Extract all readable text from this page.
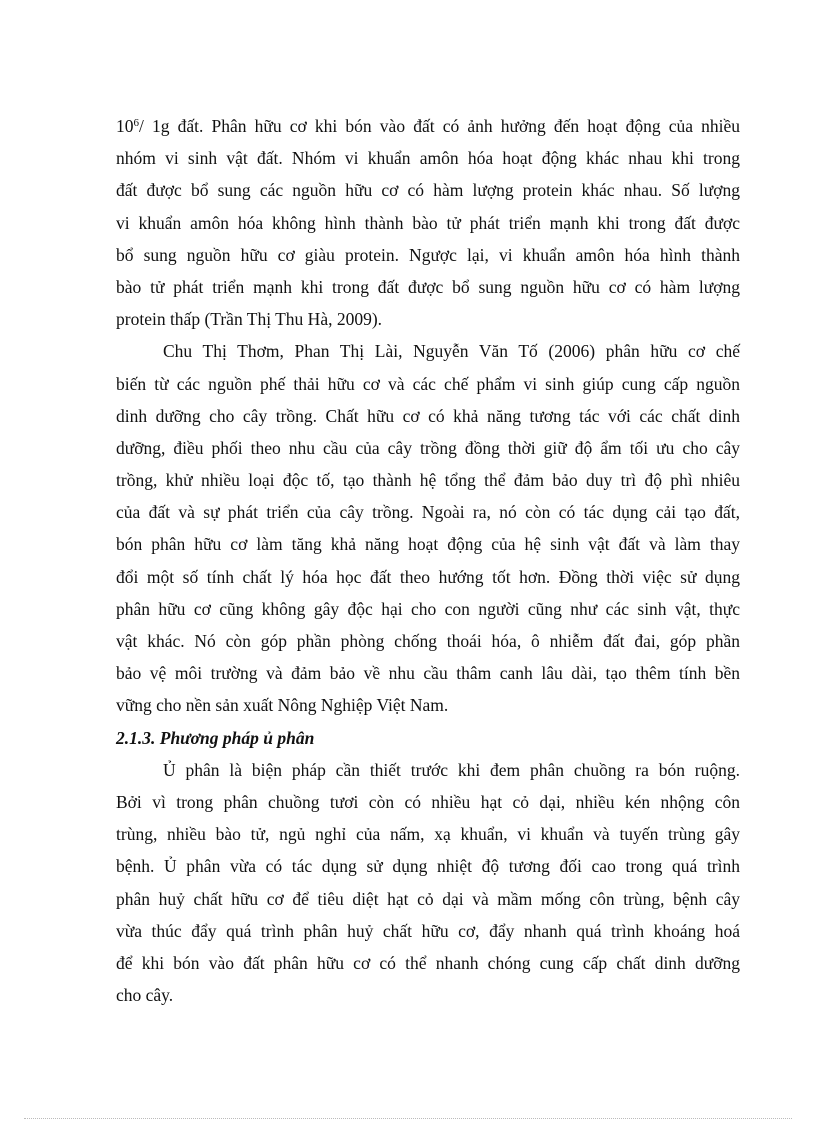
$10^6/$ 1g đất. Phân hữu cơ khi bón vào đất có ảnh hưởng đến hoạt động của nhiều
nhóm vi sinh vật đất. Nhóm vi khuẩn amôn hóa hoạt động khác nhau khi trong
đất được bổ sung các nguồn hữu cơ có hàm lượng protein khác nhau. Số lượng
vi khuẩn amôn hóa không hình thành bào tử phát triển mạnh khi trong đất được
bổ sung nguồn hữu cơ giàu protein. Ngược lại, vi khuẩn amôn hóa hình thành
bào tử phát triển mạnh khi trong đất được bổ sung nguồn hữu cơ có hàm lượng
protein thấp (Trần Thị Thu Hà, 2009).
Chu Thị Thơm, Phan Thị Lài, Nguyễn Văn Tố (2006) phân hữu cơ chế
biến từ các nguồn phế thải hữu cơ và các chế phẩm vi sinh giúp cung cấp nguồn
dinh dưỡng cho cây trồng. Chất hữu cơ có khả năng tương tác với các chất dinh
dưỡng, điều phối theo nhu cầu của cây trồng đồng thời giữ độ ẩm tối ưu cho cây
trồng, khử nhiều loại độc tố, tạo thành hệ tổng thể đảm bảo duy trì độ phì nhiêu
của đất và sự phát triển của cây trồng. Ngoài ra, nó còn có tác dụng cải tạo đất,
bón phân hữu cơ làm tăng khả năng hoạt động của hệ sinh vật đất và làm thay
đổi một số tính chất lý hóa học đất theo hướng tốt hơn. Đồng thời việc sử dụng
phân hữu cơ cũng không gây độc hại cho con người cũng như các sinh vật, thực
vật khác. Nó còn góp phần phòng chống thoái hóa, ô nhiễm đất đai, góp phần
bảo vệ môi trường và đảm bảo về nhu cầu thâm canh lâu dài, tạo thêm tính bền
vững cho nền sản xuất Nông Nghiệp Việt Nam.
2.1.3. Phương pháp ủ phân
Ủ phân là biện pháp cần thiết trước khi đem phân chuồng ra bón ruộng.
Bởi vì trong phân chuồng tươi còn có nhiều hạt cỏ dại, nhiều kén nhộng côn
trùng, nhiều bào tử, ngủ nghỉ của nấm, xạ khuẩn, vi khuẩn và tuyến trùng gây
bệnh. Ủ phân vừa có tác dụng sử dụng nhiệt độ tương đối cao trong quá trình
phân huỷ chất hữu cơ để tiêu diệt hạt cỏ dại và mầm mống côn trùng, bệnh cây
vừa thúc đẩy quá trình phân huỷ chất hữu cơ, đẩy nhanh quá trình khoáng hoá
để khi bón vào đất phân hữu cơ có thể nhanh chóng cung cấp chất dinh dưỡng
cho cây.
